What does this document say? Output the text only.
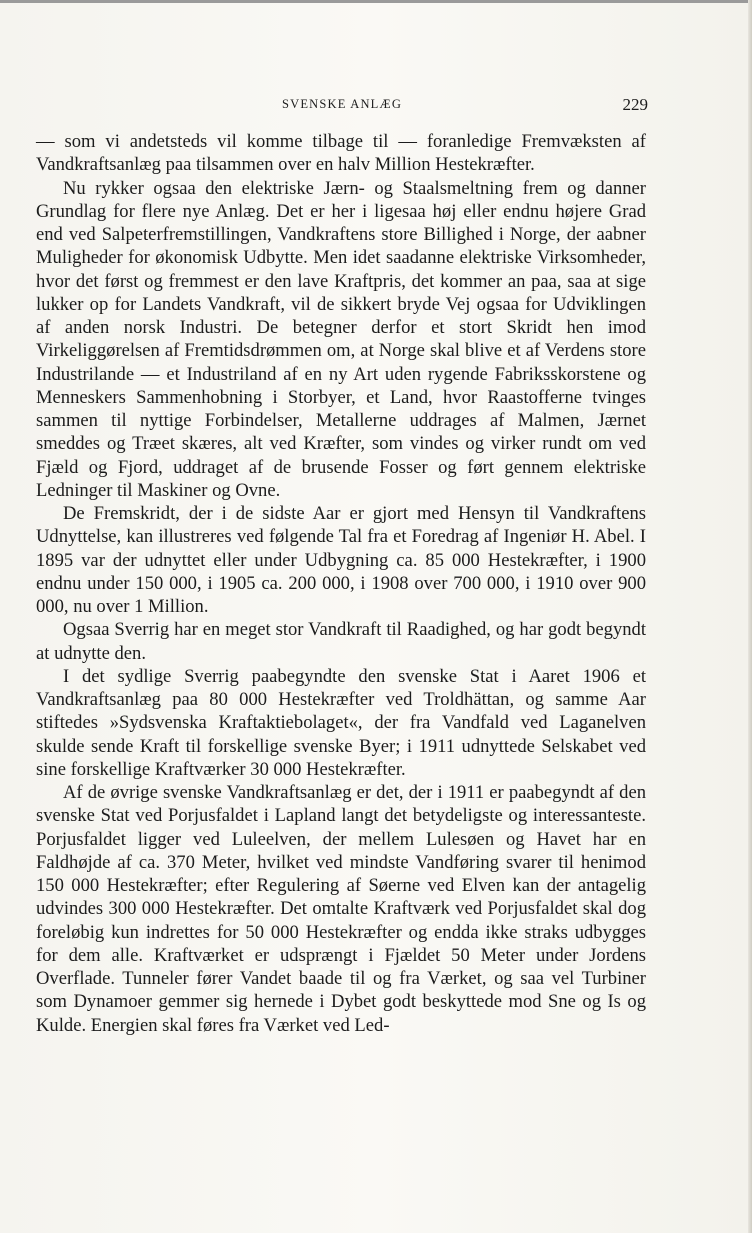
SVENSKE ANLÆG	229

— som vi andetsteds vil komme tilbage til — foranledige Fremvæksten af Vandkraftsanlæg paa tilsammen over en halv Million Hestekræfter.

Nu rykker ogsaa den elektriske Jærn- og Staalsmeltning frem og danner Grundlag for flere nye Anlæg. Det er her i ligesaa høj eller endnu højere Grad end ved Salpeterfremstillingen, Vandkraftens store Billighed i Norge, der aabner Muligheder for økonomisk Udbytte. Men idet saadanne elektriske Virksomheder, hvor det først og fremmest er den lave Kraftpris, det kommer an paa, saa at sige lukker op for Landets Vandkraft, vil de sikkert bryde Vej ogsaa for Udviklingen af anden norsk Industri. De betegner derfor et stort Skridt hen imod Virkeliggørelsen af Fremtidsdrømmen om, at Norge skal blive et af Verdens store Industrilande — et Industriland af en ny Art uden rygende Fabriksskorstene og Menneskers Sammenhobning i Storbyer, et Land, hvor Raastofferne tvinges sammen til nyttige Forbindelser, Metallerne uddrages af Malmen, Jærnet smeddes og Træet skæres, alt ved Kræfter, som vindes og virker rundt om ved Fjæld og Fjord, uddraget af de brusende Fosser og ført gennem elektriske Ledninger til Maskiner og Ovne.

De Fremskridt, der i de sidste Aar er gjort med Hensyn til Vandkraftens Udnyttelse, kan illustreres ved følgende Tal fra et Foredrag af Ingeniør H. Abel. I 1895 var der udnyttet eller under Udbygning ca. 85 000 Hestekræfter, i 1900 endnu under 150 000, i 1905 ca. 200 000, i 1908 over 700 000, i 1910 over 900 000, nu over 1 Million.

Ogsaa Sverrig har en meget stor Vandkraft til Raadighed, og har godt begyndt at udnytte den.

I det sydlige Sverrig paabegyndte den svenske Stat i Aaret 1906 et Vandkraftsanlæg paa 80 000 Hestekræfter ved Troldhättan, og samme Aar stiftedes »Sydsvenska Kraftaktiebolaget«, der fra Vandfald ved Laganelven skulde sende Kraft til forskellige svenske Byer; i 1911 udnyttede Selskabet ved sine forskellige Kraftværker 30 000 Hestekræfter.

Af de øvrige svenske Vandkraftsanlæg er det, der i 1911 er paabegyndt af den svenske Stat ved Porjusfaldet i Lapland langt det betydeligste og interessanteste. Porjusfaldet ligger ved Luleelven, der mellem Lulesøen og Havet har en Faldhøjde af ca. 370 Meter, hvilket ved mindste Vandføring svarer til henimod 150 000 Hestekræfter; efter Regulering af Søerne ved Elven kan der antagelig udvindes 300 000 Hestekræfter. Det omtalte Kraftværk ved Porjusfaldet skal dog foreløbig kun indrettes for 50 000 Hestekræfter og endda ikke straks udbygges for dem alle. Kraftværket er udsprængt i Fjældet 50 Meter under Jordens Overflade. Tunneler fører Vandet baade til og fra Værket, og saa vel Turbiner som Dynamoer gemmer sig hernede i Dybet godt beskyttede mod Sne og Is og Kulde. Energien skal føres fra Værket ved Led-
